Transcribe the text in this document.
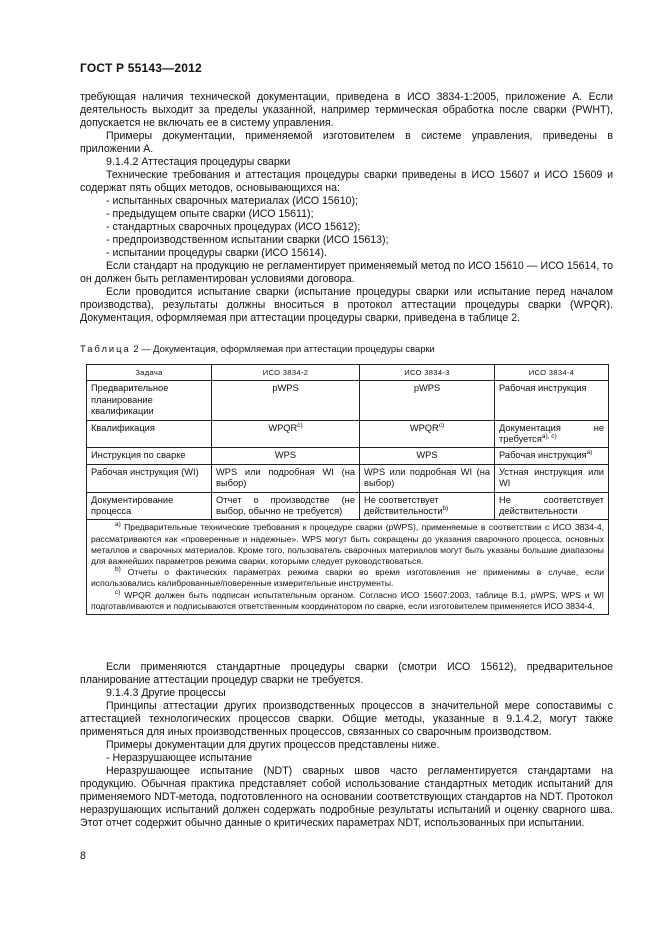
ГОСТ Р 55143—2012

требующая наличия технической документации, приведена в ИСО 3834-1:2005, приложение А. Если деятельность выходит за пределы указанной, например термическая обработка после сварки (PWHT), допускается не включать ее в систему управления.

Примеры документации, применяемой изготовителем в системе управления, приведены в приложении А.

9.1.4.2 Аттестация процедуры сварки

Технические требования и аттестация процедуры сварки приведены в ИСО 15607 и ИСО 15609 и содержат пять общих методов, основывающихся на:

- испытанных сварочных материалах (ИСО 15610);

- предыдущем опыте сварки (ИСО 15611);

- стандартных сварочных процедурах (ИСО 15612);

- предпроизводственном испытании сварки (ИСО 15613);

- испытании процедуры сварки (ИСО 15614).

Если стандарт на продукцию не регламентирует применяемый метод по ИСО 15610 — ИСО 15614, то он должен быть регламентирован условиями договора.

Если проводится испытание сварки (испытание процедуры сварки или испытание перед началом производства), результаты должны вноситься в протокол аттестации процедуры сварки (WPQR). Документация, оформляемая при аттестации процедуры сварки, приведена в таблице 2.

Таблица 2 — Документация, оформляемая при аттестации процедуры сварки
Задача	ИСО 3834-2	ИСО 3834-3	ИСО 3834-4
Предварительное планирование квалификации	pWPS	pWPS	Рабочая инструкция
Квалификация	WPQR$^{c)}$	WPQR$^{c)}$	Документация не требуется$^{a), c)}$
Инструкция по сварке	WPS	WPS	Рабочая инструкция$^{a)}$
Рабочая инструкция (WI)	WPS или подробная WI (на выбор)	WPS или подробная WI (на выбор)	Устная инструкция или WI
Документирование процесса	Отчет о производстве (не выбор, обычно не требуется)	Не соответствует действительности$^{b)}$	Не соответствует действительности

$^{a)}$ Предварительные технические требования к процедуре сварки (pWPS), применяемые в соответствии с ИСО 3834-4, рассматриваются как «проверенные и надежные». WPS могут быть сокращены до указания сварочного процесса, основных металлов и сварочных материалов. Кроме того, пользователь сварочных материалов могут быть указаны большие диапазоны для важнейших параметров режима сварки, которыми следует руководствоваться.
$^{b)}$ Отчеты о фактических параметрах режима сварки во время изготовления не применимы в случае, если использовались калиброванные/поверенные измерительные инструменты.
$^{c)}$ WPQR должен быть подписан испытательным органом. Согласно ИСО 15607:2003, таблице В.1, pWPS, WPS и WI подготавливаются и подписываются ответственным координатором по сварке, если изготовителем применяется ИСО 3834-4.			

Если применяются стандартные процедуры сварки (смотри ИСО 15612), предварительное планирование аттестации процедур сварки не требуется.

9.1.4.3 Другие процессы

Принципы аттестации других производственных процессов в значительной мере сопоставимы с аттестацией технологических процессов сварки. Общие методы, указанные в 9.1.4.2, могут также применяться для иных производственных процессов, связанных со сварочным производством.

Примеры документации для других процессов представлены ниже.

- Неразрушающее испытание

Неразрушающее испытание (NDT) сварных швов часто регламентируется стандартами на продукцию. Обычная практика представляет собой использование стандартных методик испытаний для применяемого NDT-метода, подготовленного на основании соответствующих стандартов на NDT. Протокол неразрушающих испытаний должен содержать подробные результаты испытаний и оценку сварного шва. Этот отчет содержит обычно данные о критических параметрах NDT, использованных при испытании.

8
